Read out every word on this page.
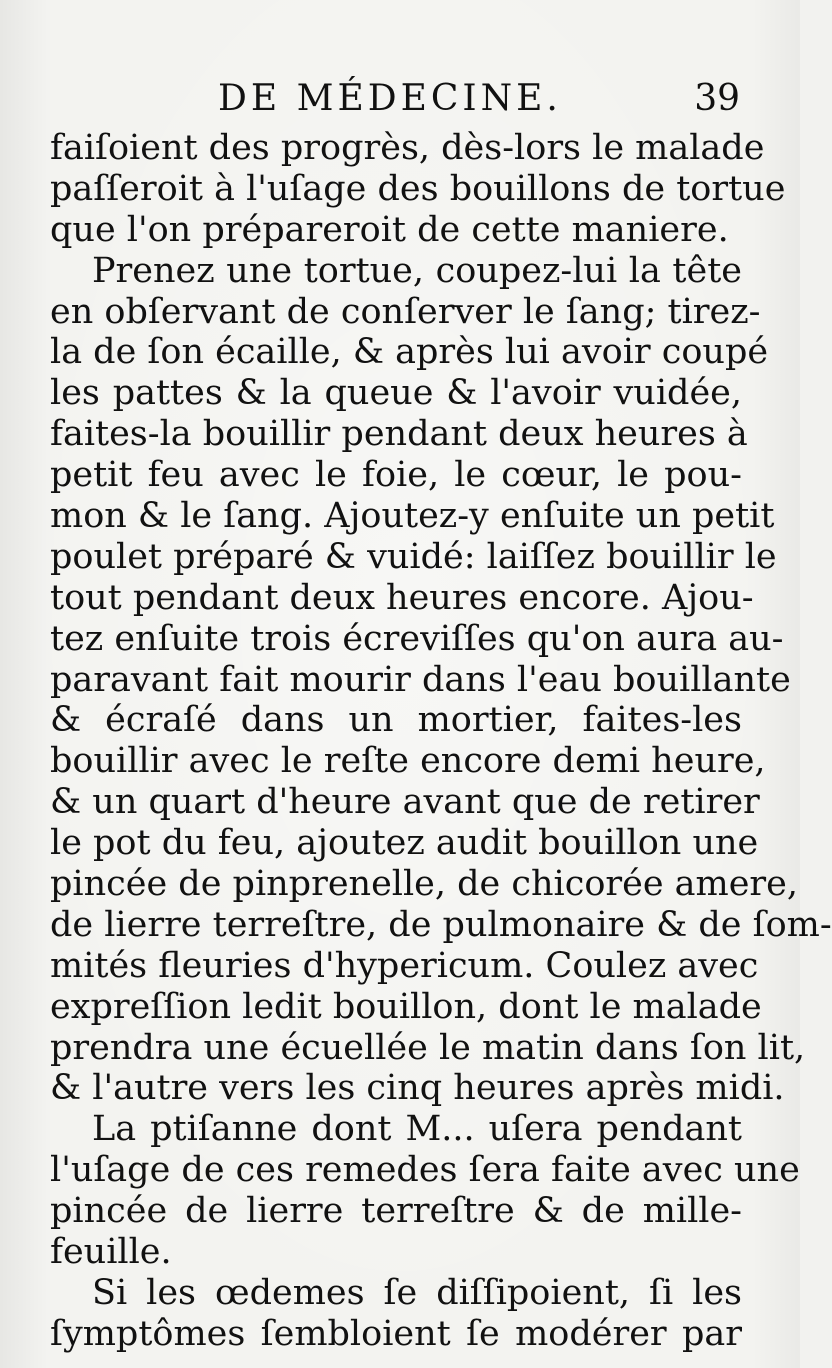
DE MÉDECINE.	39
faiſoient des progrès, dès-lors le malade
paſſeroit à l'uſage des bouillons de tortue
que l'on prépareroit de cette maniere.
Prenez une tortue, coupez-lui la tête
en obſervant de conſerver le ſang; tirez-
la de ſon écaille, & après lui avoir coupé
les pattes & la queue & l'avoir vuidée,
faites-la bouillir pendant deux heures à
petit feu avec le foie, le cœur, le pou-
mon & le ſang. Ajoutez-y enſuite un petit
poulet préparé & vuidé: laiſſez bouillir le
tout pendant deux heures encore. Ajou-
tez enſuite trois écreviſſes qu'on aura au-
paravant fait mourir dans l'eau bouillante
& écraſé dans un mortier, faites-les
bouillir avec le reſte encore demi heure,
& un quart d'heure avant que de retirer
le pot du feu, ajoutez audit bouillon une
pincée de pinprenelle, de chicorée amere,
de lierre terreſtre, de pulmonaire & de ſom-
mités fleuries d'hypericum. Coulez avec
expreſſion ledit bouillon, dont le malade
prendra une écuellée le matin dans ſon lit,
& l'autre vers les cinq heures après midi.
La ptiſanne dont M... uſera pendant
l'uſage de ces remedes ſera faite avec une
pincée de lierre terreſtre & de mille-
feuille.
Si les œdemes ſe diſſipoient, ſi les
ſymptômes ſembloient ſe modérer par
